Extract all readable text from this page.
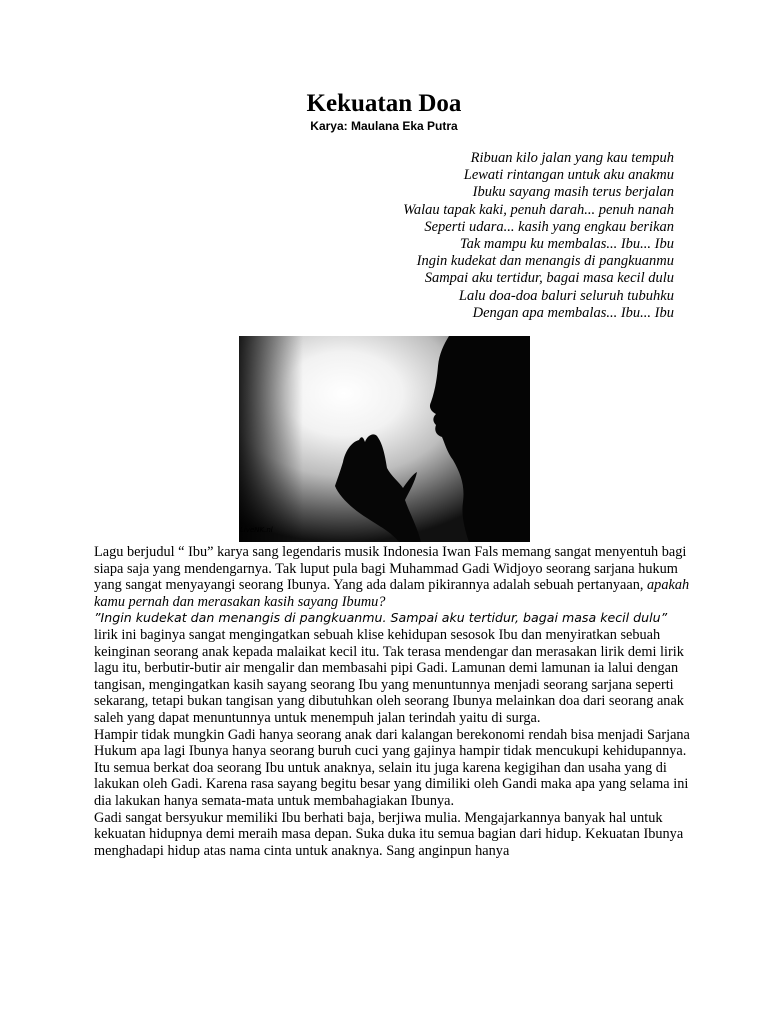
Kekuatan Doa
Karya: Maulana Eka Putra
Ribuan kilo jalan yang kau tempuh
Lewati rintangan untuk aku anakmu
Ibuku sayang masih terus berjalan
Walau tapak kaki, penuh darah... penuh nanah
Seperti udara... kasih yang engkau berikan
Tak mampu ku membalas... Ibu... Ibu
Ingin kudekat dan menangis di pangkuanmu
Sampai aku tertidur, bagai masa kecil dulu
Lalu doa-doa baluri seluruh tubuhku
Dengan apa membalas... Ibu... Ibu
LiveNK.nl

Lagu berjudul “ Ibu” karya sang legendaris musik Indonesia Iwan Fals memang sangat menyentuh bagi siapa saja yang mendengarnya. Tak luput pula bagi Muhammad Gadi Widjoyo seorang sarjana hukum yang sangat menyayangi seorang Ibunya. Yang ada dalam pikirannya adalah sebuah pertanyaan, apakah kamu pernah dan merasakan kasih sayang Ibumu?

”Ingin kudekat dan menangis di pangkuanmu. Sampai aku tertidur, bagai masa kecil dulu”

lirik ini baginya sangat mengingatkan sebuah klise kehidupan sesosok Ibu dan menyiratkan sebuah keinginan seorang anak kepada malaikat kecil itu. Tak terasa mendengar dan merasakan lirik demi lirik lagu itu, berbutir-butir air mengalir dan membasahi pipi Gadi. Lamunan demi lamunan ia lalui dengan tangisan, mengingatkan kasih sayang seorang Ibu yang menuntunnya menjadi seorang sarjana seperti sekarang, tetapi bukan tangisan yang dibutuhkan oleh seorang Ibunya melainkan doa dari seorang anak saleh yang dapat menuntunnya untuk menempuh jalan terindah yaitu di surga.

Hampir tidak mungkin Gadi hanya seorang anak dari kalangan berekonomi rendah bisa menjadi Sarjana Hukum apa lagi Ibunya hanya seorang buruh cuci yang gajinya hampir tidak mencukupi kehidupannya. Itu semua berkat doa seorang Ibu untuk anaknya, selain itu juga karena kegigihan dan usaha yang di lakukan oleh Gadi. Karena rasa sayang begitu besar yang dimiliki oleh Gandi maka apa yang selama ini dia lakukan hanya semata-mata untuk membahagiakan Ibunya.

Gadi sangat bersyukur memiliki Ibu berhati baja, berjiwa mulia. Mengajarkannya banyak hal untuk kekuatan hidupnya demi meraih masa depan. Suka duka itu semua bagian dari hidup. Kekuatan Ibunya menghadapi hidup atas nama cinta untuk anaknya. Sang anginpun hanya
